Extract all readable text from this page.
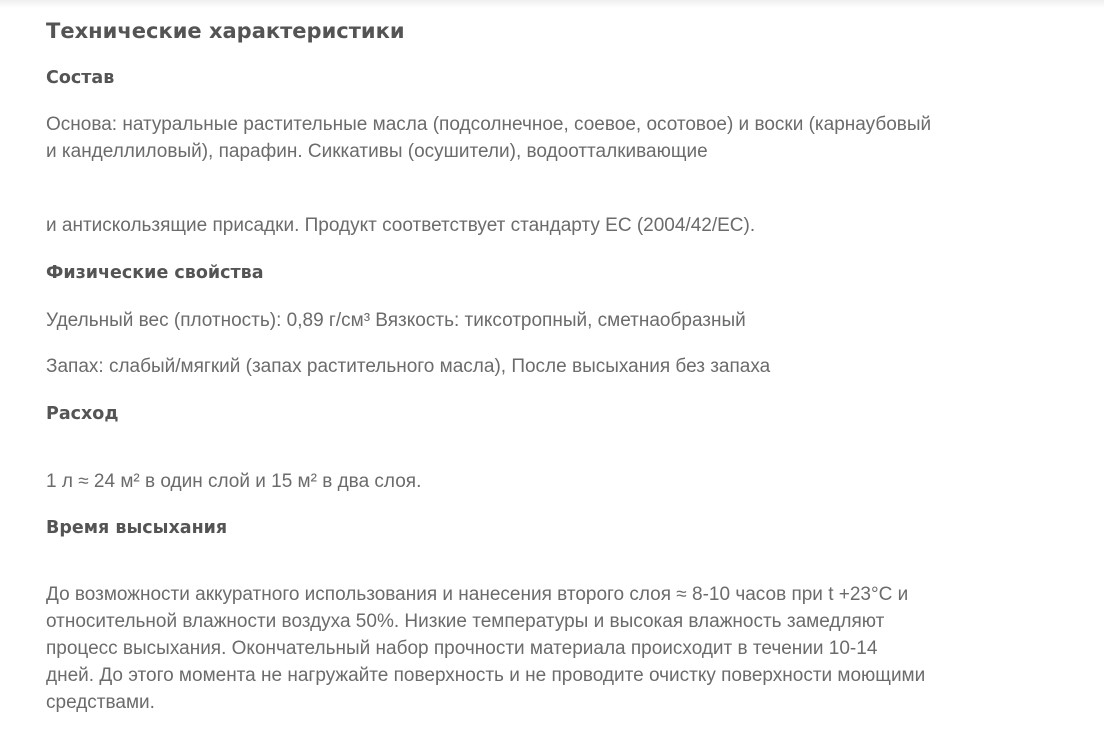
Технические характеристики
Состав
Основа: натуральные растительные масла (подсолнечное, соевое, осотовое) и воски (карнаубовый и канделлиловый), парафин. Сиккативы (осушители), водоотталкивающие
и антискользящие присадки. Продукт соответствует стандарту ЕС (2004/42/ЕС).
Физические свойства
Удельный вес (плотность): 0,89 г/см³ Вязкость: тиксотропный, сметнаобразный
Запах: слабый/мягкий (запах растительного масла), После высыхания без запаха
Расход
1 л ≈ 24 м² в один слой и 15 м² в два слоя.
Время высыхания
До возможности аккуратного использования и нанесения второго слоя ≈ 8-10 часов при t +23°C и относительной влажности воздуха 50%. Низкие температуры и высокая влажность замедляют процесс высыхания. Окончательный набор прочности материала происходит в течении 10-14 дней. До этого момента не нагружайте поверхность и не проводите очистку поверхности моющими средствами.
